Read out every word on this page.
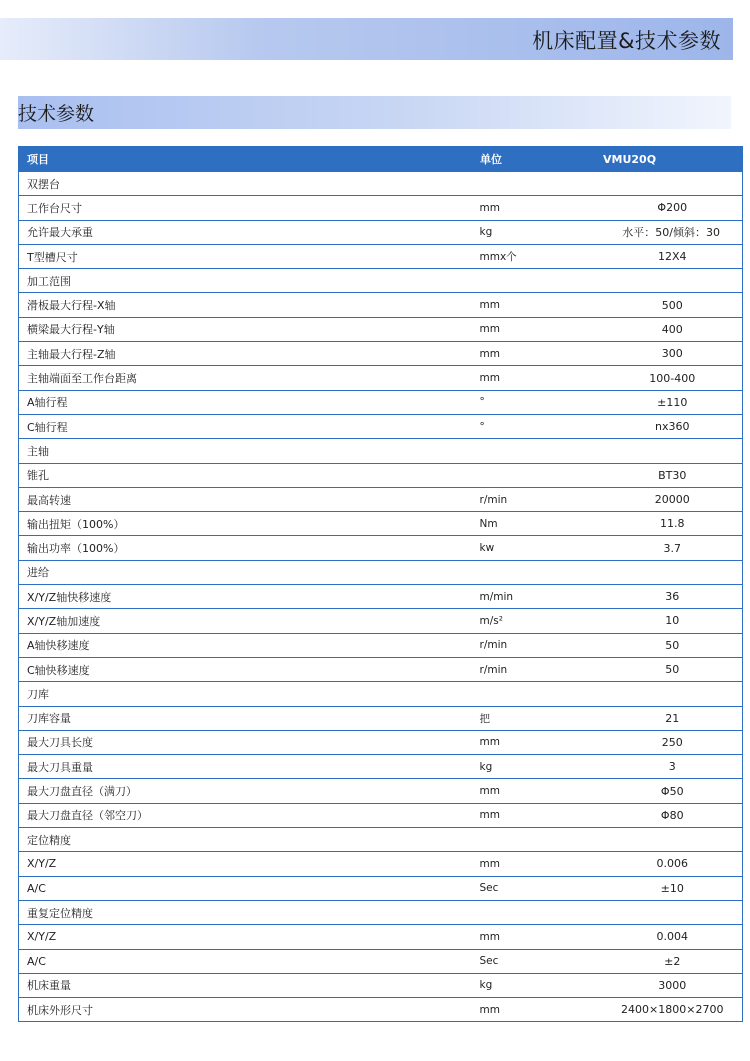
机床配置&技术参数
技术参数
项目	单位	VMU20Q
双摆台		
工作台尺寸	mm	Φ200
允许最大承重	kg	水平：50/倾斜：30
T型槽尺寸	mmx个	12X4
加工范围		
滑板最大行程-X轴	mm	500
横梁最大行程-Y轴	mm	400
主轴最大行程-Z轴	mm	300
主轴端面至工作台距离	mm	100-400
A轴行程	°	±110
C轴行程	°	nx360
主轴		
锥孔		BT30
最高转速	r/min	20000
输出扭矩（100%）	Nm	11.8
输出功率（100%）	kw	3.7
进给		
X/Y/Z轴快移速度	m/min	36
X/Y/Z轴加速度	m/s²	10
A轴快移速度	r/min	50
C轴快移速度	r/min	50
刀库		
刀库容量	把	21
最大刀具长度	mm	250
最大刀具重量	kg	3
最大刀盘直径（满刀）	mm	Φ50
最大刀盘直径（邻空刀）	mm	Φ80
定位精度		
X/Y/Z	mm	0.006
A/C	Sec	±10
重复定位精度		
X/Y/Z	mm	0.004
A/C	Sec	±2
机床重量	kg	3000
机床外形尺寸	mm	2400×1800×2700
